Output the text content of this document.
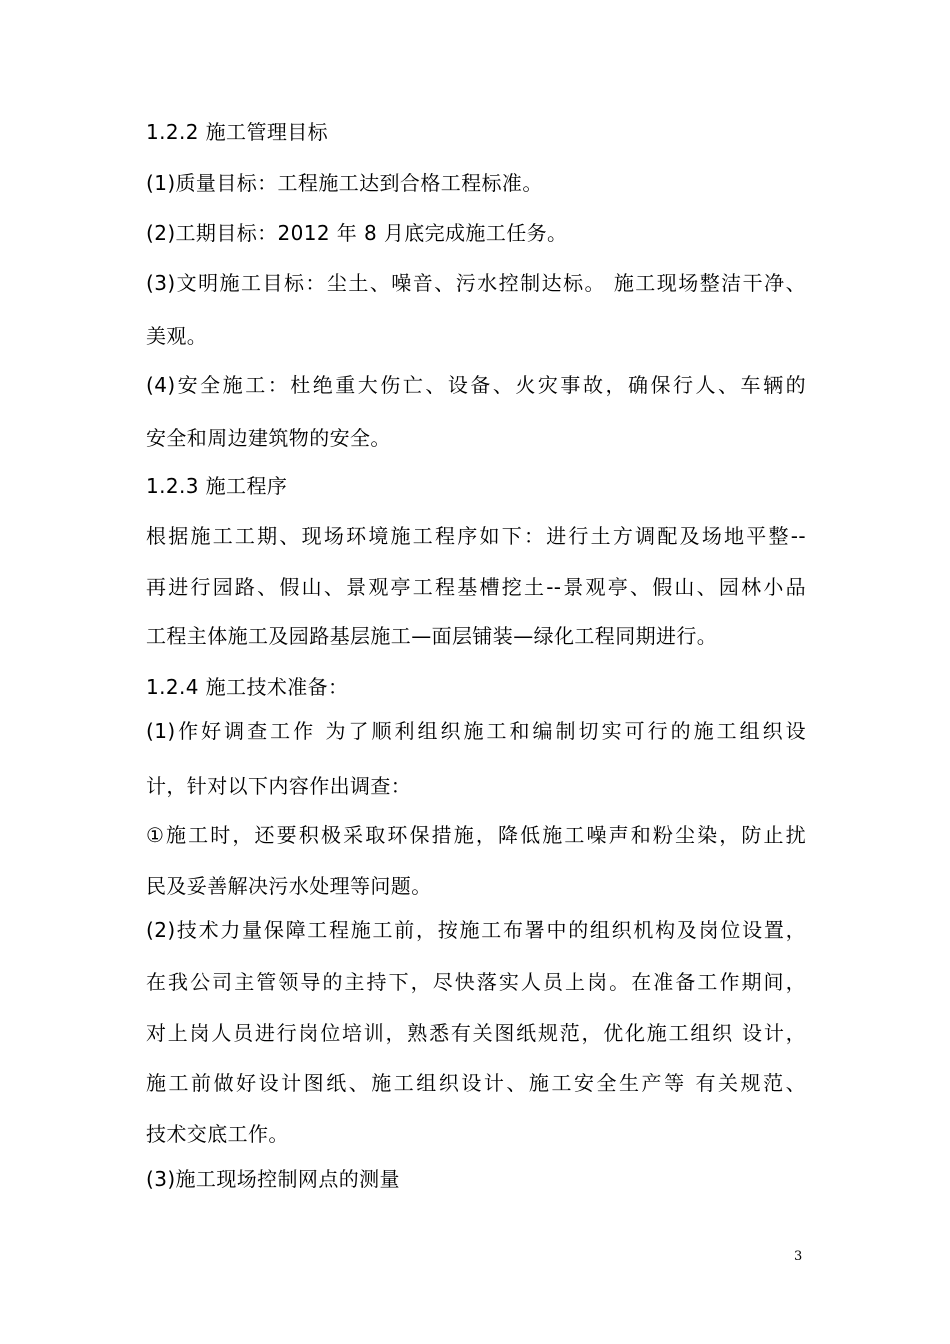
1.2.2 施工管理目标
(1)质量目标：工程施工达到合格工程标准。
(2)工期目标：2012 年 8 月底完成施工任务。
(3)文明施工目标：尘土、噪音、污水控制达标。 施工现场整洁干净、
美观。
(4)安全施工：杜绝重大伤亡、设备、火灾事故，确保行人、车辆的
安全和周边建筑物的安全。
1.2.3 施工程序
根据施工工期、现场环境施工程序如下：进行土方调配及场地平整--
再进行园路、假山、景观亭工程基槽挖土--景观亭、假山、园林小品
工程主体施工及园路基层施工—面层铺装—绿化工程同期进行。
1.2.4 施工技术准备：
(1)作好调查工作 为了顺利组织施工和编制切实可行的施工组织设
计，针对以下内容作出调查：
①施工时，还要积极采取环保措施，降低施工噪声和粉尘染，防止扰
民及妥善解决污水处理等问题。
(2)技术力量保障工程施工前，按施工布署中的组织机构及岗位设置，
在我公司主管领导的主持下，尽快落实人员上岗。在准备工作期间，
对上岗人员进行岗位培训，熟悉有关图纸规范，优化施工组织 设计，
施工前做好设计图纸、施工组织设计、施工安全生产等 有关规范、
技术交底工作。
(3)施工现场控制网点的测量
3
